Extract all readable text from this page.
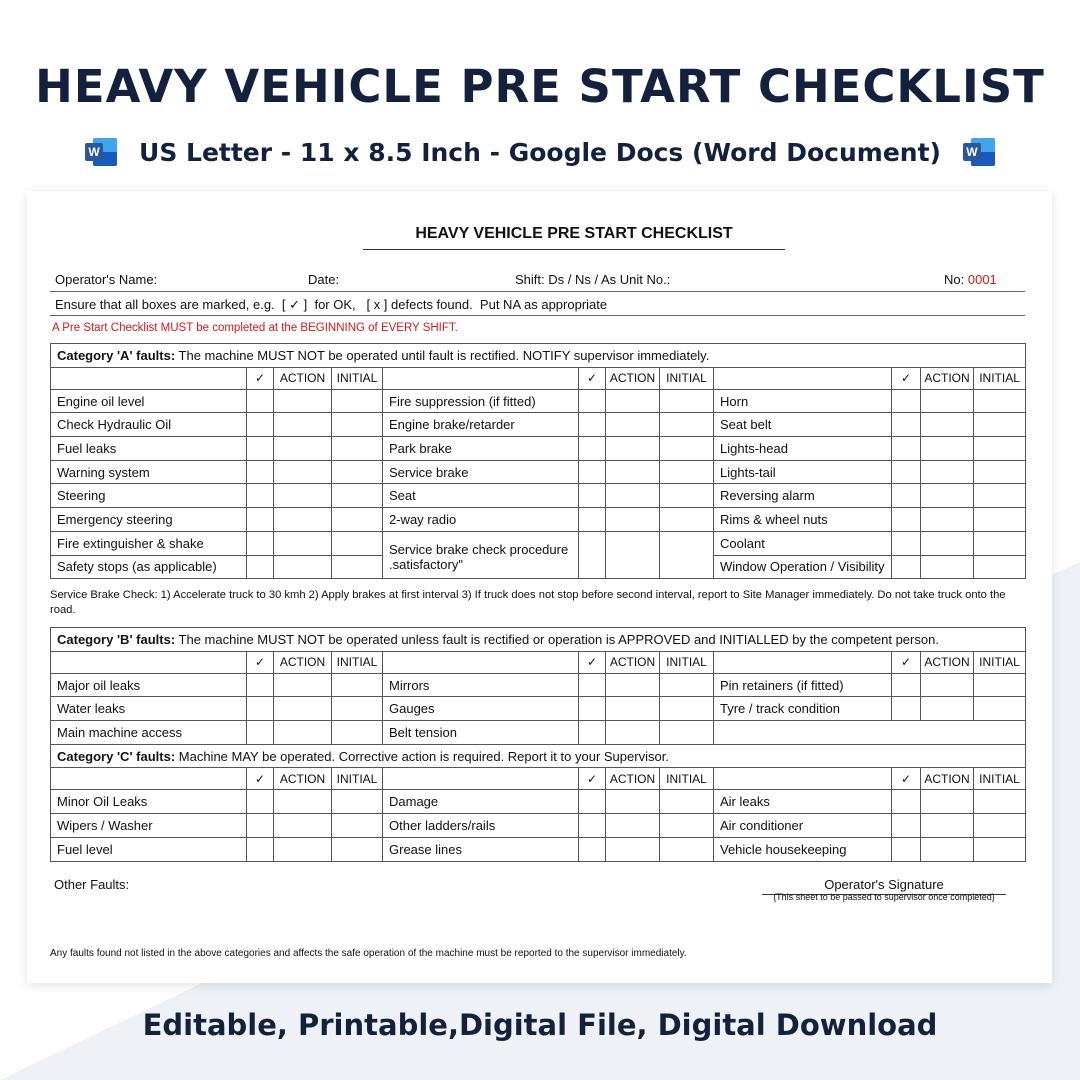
HEAVY VEHICLE PRE START CHECKLIST
W	US Letter - 11 x 8.5 Inch - Google Docs (Word Document)	W
HEAVY VEHICLE PRE START CHECKLIST
Operator's Name:	Date:	Shift: Ds / Ns / As Unit No.:	No: 0001
Ensure that all boxes are marked, e.g.  [ ✓ ]  for OK,   [ x ] defects found.  Put NA as appropriate
A Pre Start Checklist MUST be completed at the BEGINNING of EVERY SHIFT.
Category 'A' faults: The machine MUST NOT be operated until fault is rectified. NOTIFY supervisor immediately.											
	✓	ACTION	INITIAL		✓	ACTION	INITIAL		✓	ACTION	INITIAL
Engine oil level				Fire suppression (if fitted)				Horn			
Check Hydraulic Oil				Engine brake/retarder				Seat belt			
Fuel leaks				Park brake				Lights-head			
Warning system				Service brake				Lights-tail			
Steering				Seat				Reversing alarm			
Emergency steering				2-way radio				Rims & wheel nuts			
Fire extinguisher & shake				Service brake check procedure .satisfactory"				Coolant			
Safety stops (as applicable)								Window Operation / Visibility			
Service Brake Check: 1) Accelerate truck to 30 kmh 2) Apply brakes at first interval 3) If truck does not stop before second interval, report to Site Manager immediately. Do not take truck onto the road.
Category 'B' faults: The machine MUST NOT be operated unless fault is rectified or operation is APPROVED and INITIALLED by the competent person.											
	✓	ACTION	INITIAL		✓	ACTION	INITIAL		✓	ACTION	INITIAL
Major oil leaks				Mirrors				Pin retainers (if fitted)			
Water leaks				Gauges				Tyre / track condition			
Main machine access				Belt tension							
Category 'C' faults: Machine MAY be operated. Corrective action is required. Report it to your Supervisor.											
	✓	ACTION	INITIAL		✓	ACTION	INITIAL		✓	ACTION	INITIAL
Minor Oil Leaks				Damage				Air leaks			
Wipers / Washer				Other ladders/rails				Air conditioner			
Fuel level				Grease lines				Vehicle housekeeping			
Other Faults:	Operator's Signature
(This sheet to be passed to supervisor once completed)
Any faults found not listed in the above categories and affects the safe operation of the machine must be reported to the supervisor immediately.
Editable, Printable,Digital File, Digital Download
